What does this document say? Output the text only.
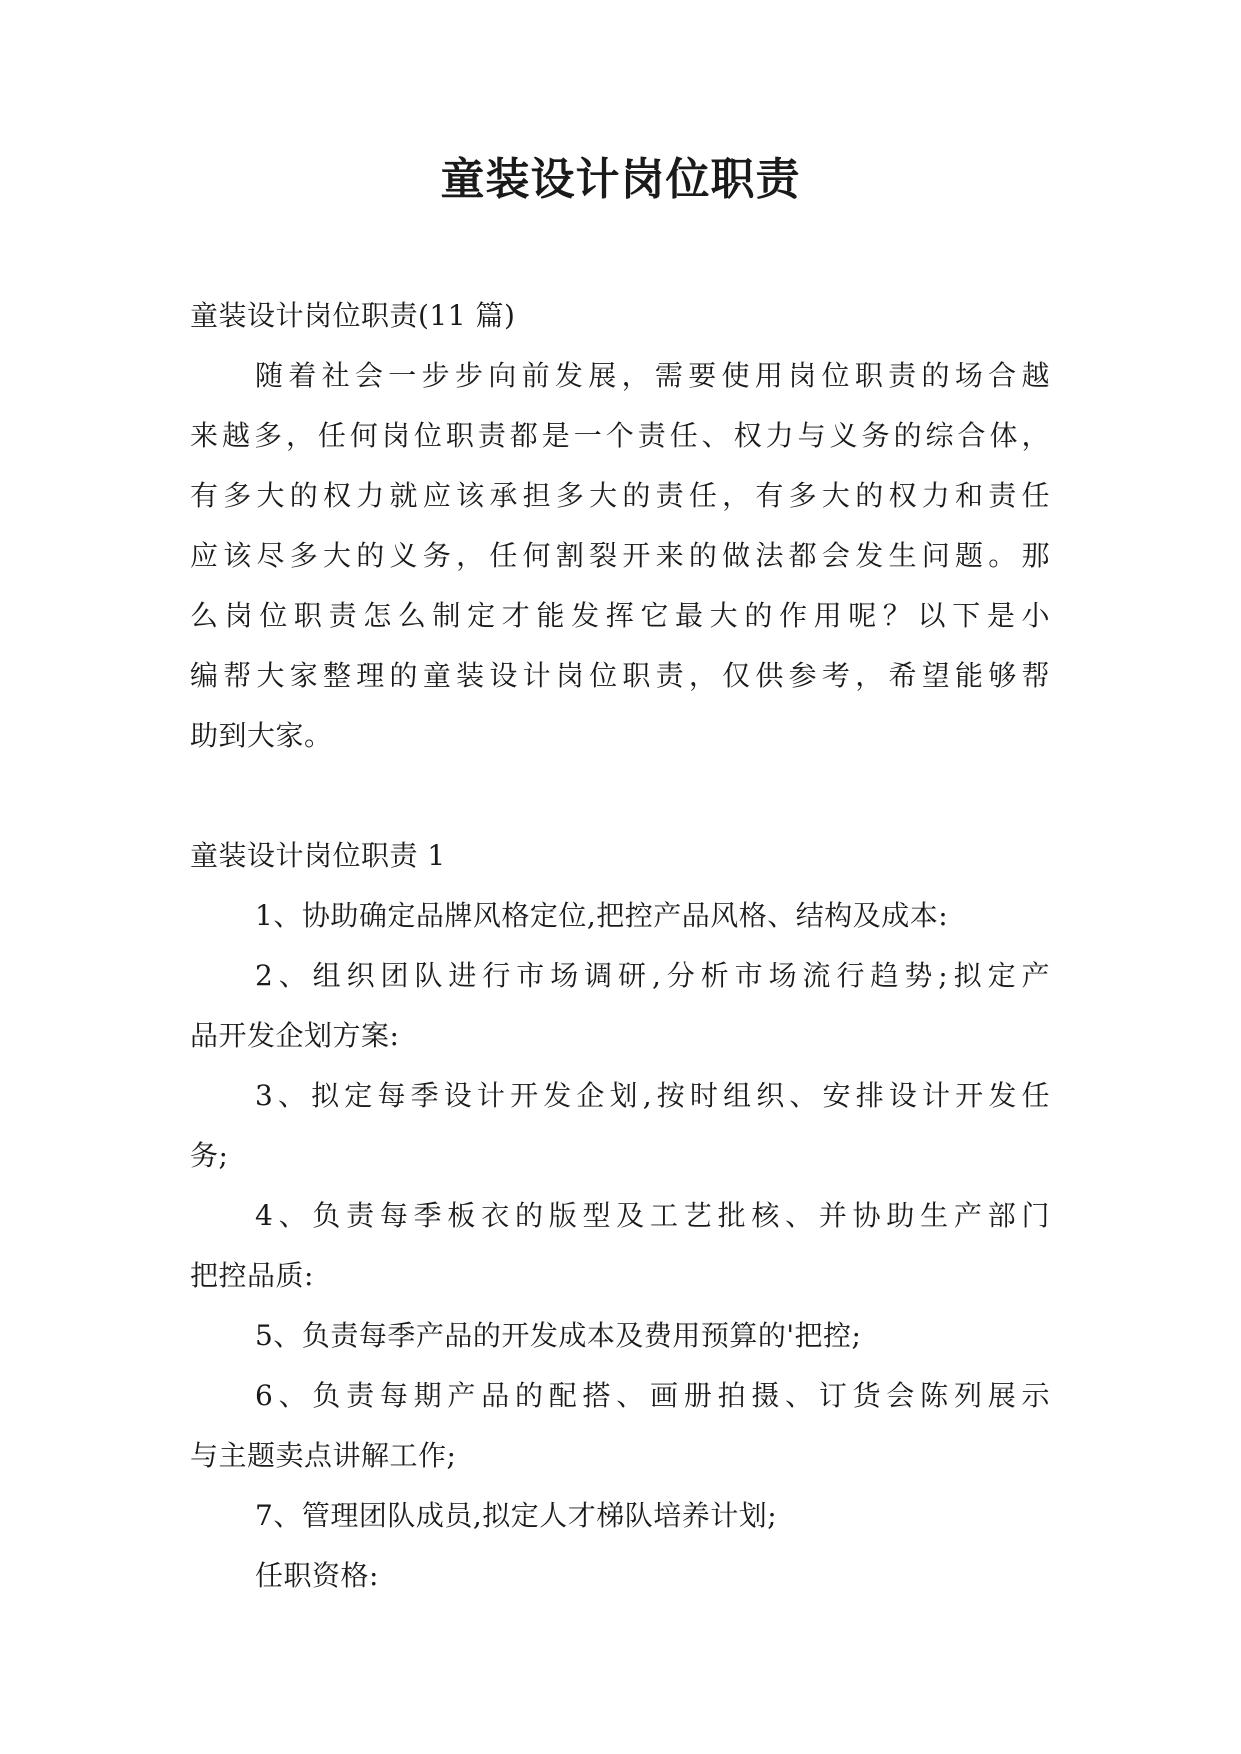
童装设计岗位职责
童装设计岗位职责(11 篇)
随着社会一步步向前发展，需要使用岗位职责的场合越
来越多，任何岗位职责都是一个责任、权力与义务的综合体，
有多大的权力就应该承担多大的责任，有多大的权力和责任
应该尽多大的义务，任何割裂开来的做法都会发生问题。那
么岗位职责怎么制定才能发挥它最大的作用呢？以下是小
编帮大家整理的童装设计岗位职责，仅供参考，希望能够帮
助到大家。
童装设计岗位职责 1
1、协助确定品牌风格定位,把控产品风格、结构及成本:
2、组织团队进行市场调研,分析市场流行趋势;拟定产
品开发企划方案:
3、拟定每季设计开发企划,按时组织、安排设计开发任
务;
4、负责每季板衣的版型及工艺批核、并协助生产部门
把控品质:
5、负责每季产品的开发成本及费用预算的'把控;
6、负责每期产品的配搭、画册拍摄、订货会陈列展示
与主题卖点讲解工作;
7、管理团队成员,拟定人才梯队培养计划;
任职资格:
